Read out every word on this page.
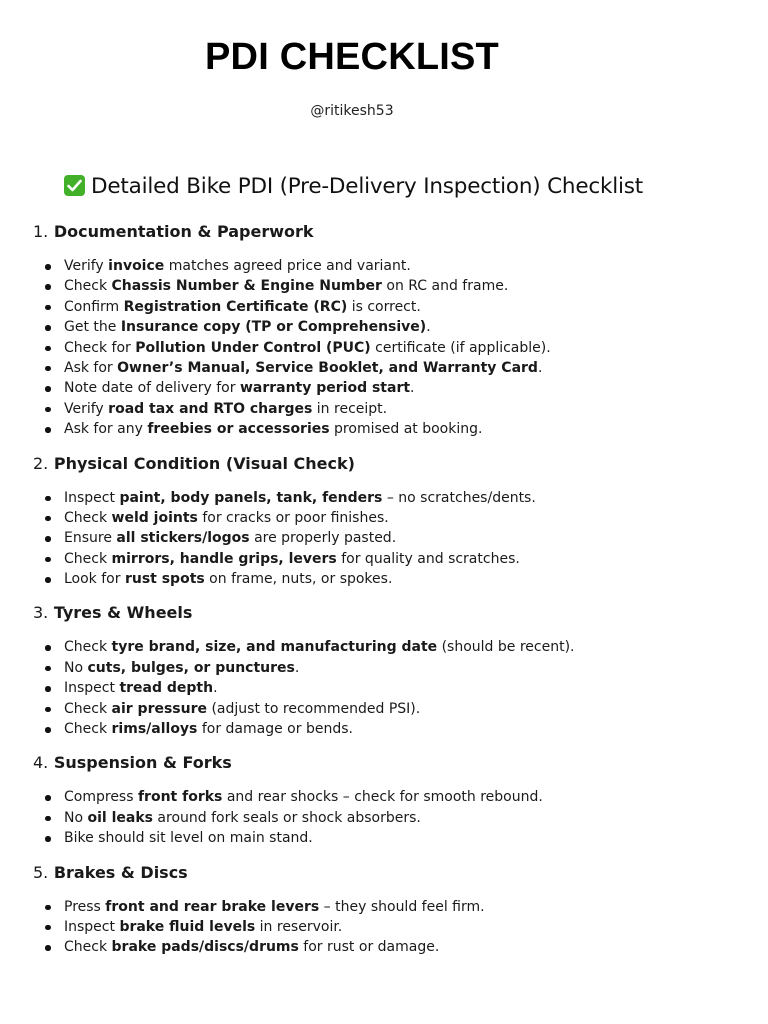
PDI CHECKLIST
@ritikesh53
Detailed Bike PDI (Pre-Delivery Inspection) Checklist
1. Documentation & Paperwork
Verify invoice matches agreed price and variant.
Check Chassis Number & Engine Number on RC and frame.
Confirm Registration Certificate (RC) is correct.
Get the Insurance copy (TP or Comprehensive).
Check for Pollution Under Control (PUC) certificate (if applicable).
Ask for Owner’s Manual, Service Booklet, and Warranty Card.
Note date of delivery for warranty period start.
Verify road tax and RTO charges in receipt.
Ask for any freebies or accessories promised at booking.
2. Physical Condition (Visual Check)
Inspect paint, body panels, tank, fenders – no scratches/dents.
Check weld joints for cracks or poor finishes.
Ensure all stickers/logos are properly pasted.
Check mirrors, handle grips, levers for quality and scratches.
Look for rust spots on frame, nuts, or spokes.
3. Tyres & Wheels
Check tyre brand, size, and manufacturing date (should be recent).
No cuts, bulges, or punctures.
Inspect tread depth.
Check air pressure (adjust to recommended PSI).
Check rims/alloys for damage or bends.
4. Suspension & Forks
Compress front forks and rear shocks – check for smooth rebound.
No oil leaks around fork seals or shock absorbers.
Bike should sit level on main stand.
5. Brakes & Discs
Press front and rear brake levers – they should feel firm.
Inspect brake fluid levels in reservoir.
Check brake pads/discs/drums for rust or damage.
